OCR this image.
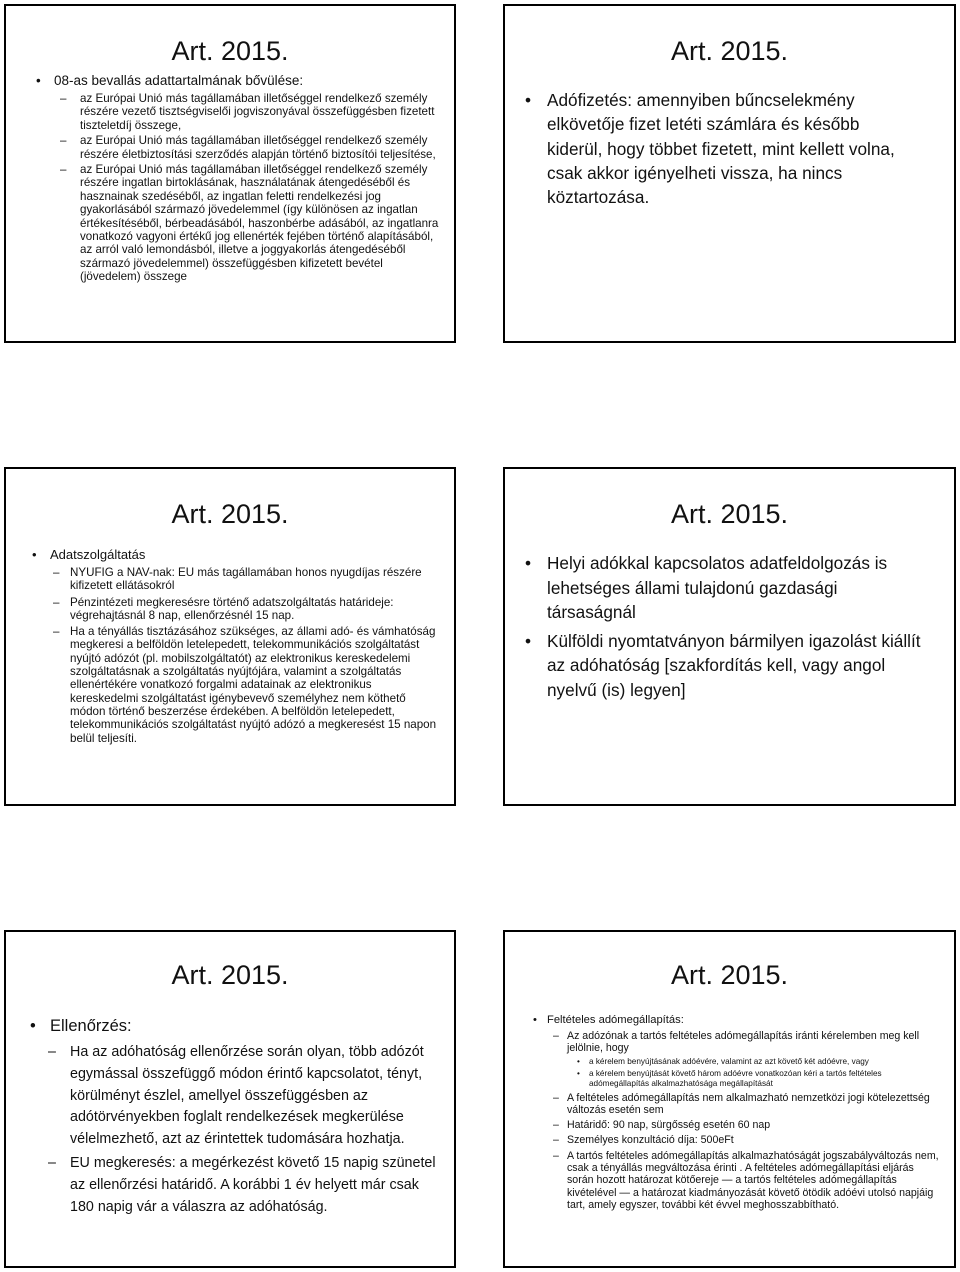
Art. 2015.
• 08-as bevallás adattartalmának bővülése:
– az Európai Unió más tagállamában illetőséggel rendelkező személy részére vezető tisztségviselői jogviszonyával összefüggésben fizetett tiszteletdíj összege,
– az Európai Unió más tagállamában illetőséggel rendelkező személy részére életbiztosítási szerződés alapján történő biztosítói teljesítése,
– az Európai Unió más tagállamában illetőséggel rendelkező személy részére ingatlan birtoklásának, használatának átengedéséből és hasznainak szedéséből, az ingatlan feletti rendelkezési jog gyakorlásából származó jövedelemmel (így különösen az ingatlan értékesítéséből, bérbeadásából, haszonbérbe adásából, az ingatlanra vonatkozó vagyoni értékű jog ellenérték fejében történő alapításából, az arról való lemondásból, illetve a joggyakorlás átengedéséből származó jövedelemmel) összefüggésben kifizetett bevétel (jövedelem) összege
Art. 2015.
• Adófizetés: amennyiben bűncselekmény elkövetője fizet letéti számlára és később kiderül, hogy többet fizetett, mint kellett volna, csak akkor igényelheti vissza, ha nincs köztartozása.
Art. 2015.
• Adatszolgáltatás
– NYUFIG a NAV-nak: EU más tagállamában honos nyugdíjas részére kifizetett ellátásokról
– Pénzintézeti megkeresésre történő adatszolgáltatás határideje: végrehajtásnál 8 nap, ellenőrzésnél 15 nap.
– Ha a tényállás tisztázásához szükséges, az állami adó- és vámhatóság megkeresi a belföldön letelepedett, telekommunikációs szolgáltatást nyújtó adózót (pl. mobilszolgáltatót) az elektronikus kereskedelemi szolgáltatásnak a szolgáltatás nyújtójára, valamint a szolgáltatás ellenértékére vonatkozó forgalmi adatainak az elektronikus kereskedelmi szolgáltatást igénybevevő személyhez nem köthető módon történő beszerzése érdekében. A belföldön letelepedett, telekommunikációs szolgáltatást nyújtó adózó a megkeresést 15 napon belül teljesíti.
Art. 2015.
• Helyi adókkal kapcsolatos adatfeldolgozás is lehetséges állami tulajdonú gazdasági társaságnál
• Külföldi nyomtatványon bármilyen igazolást kiállít az adóhatóság [szakfordítás kell, vagy angol nyelvű (is) legyen]
Art. 2015.
• Ellenőrzés:
– Ha az adóhatóság ellenőrzése során olyan, több adózót egymással összefüggő módon érintő kapcsolatot, tényt, körülményt észlel, amellyel összefüggésben az adótörvényekben foglalt rendelkezések megkerülése vélelmezhető, azt az érintettek tudomására hozhatja.
– EU megkeresés: a megérkezést követő 15 napig szünetel az ellenőrzési határidő. A korábbi 1 év helyett már csak 180 napig vár a válaszra az adóhatóság.
Art. 2015.
• Feltételes adómegállapítás:
– Az adózónak a tartós feltételes adómegállapítás iránti kérelemben meg kell jelölnie, hogy
• a kérelem benyújtásának adóévére, valamint az azt követő két adóévre, vagy
• a kérelem benyújtását követő három adóévre vonatkozóan kéri a tartós feltételes adómegállapítás alkalmazhatósága megállapítását
– A feltételes adómegállapítás nem alkalmazható nemzetközi jogi kötelezettség változás esetén sem
– Határidő: 90 nap, sürgősség esetén 60 nap
– Személyes konzultáció díja: 500eFt
– A tartós feltételes adómegállapítás alkalmazhatóságát jogszabályváltozás nem, csak a tényállás megváltozása érinti . A feltételes adómegállapítási eljárás során hozott határozat kötőereje — a tartós feltételes adómegállapítás kivételével — a határozat kiadmányozását követő ötödik adóévi utolsó napjáig tart, amely egyszer, további két évvel meghosszabbítható.
